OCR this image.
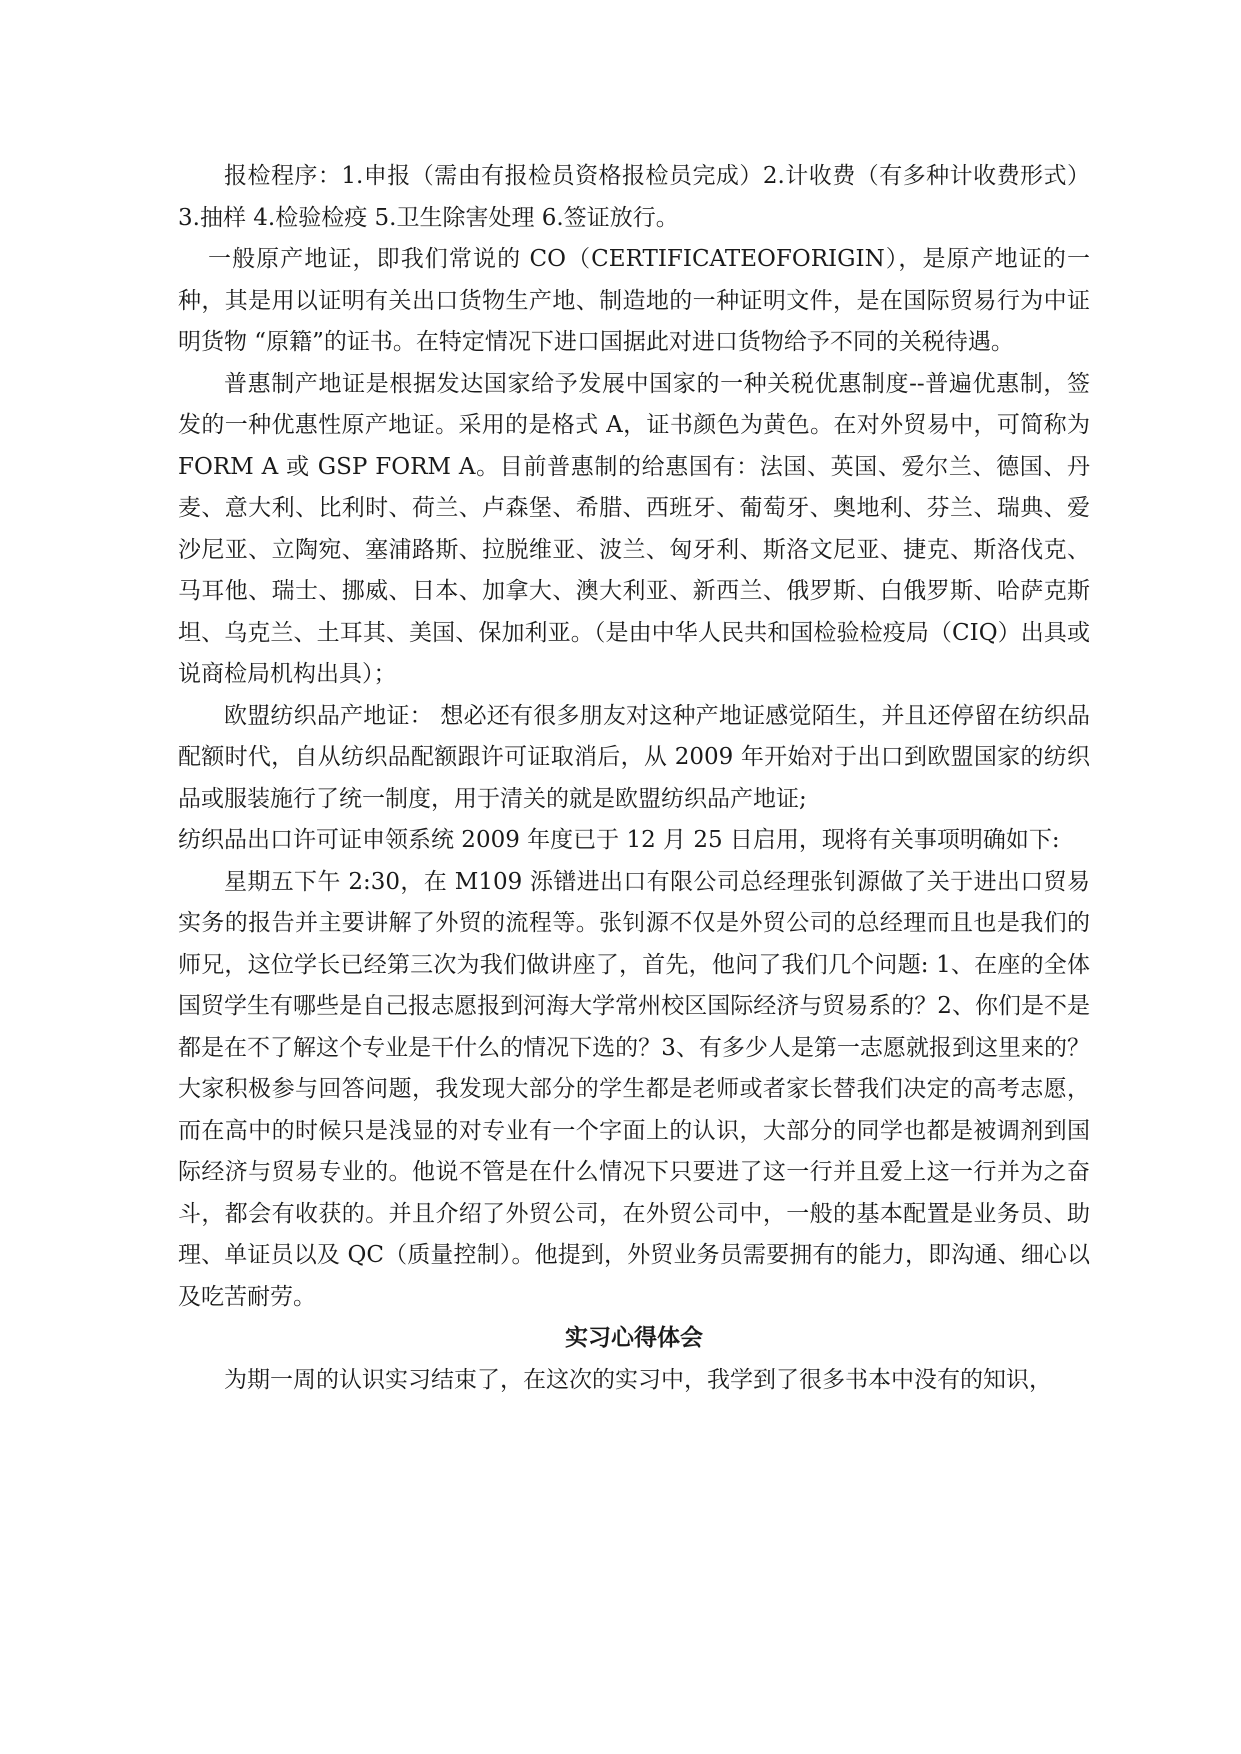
报检程序：1.申报（需由有报检员资格报检员完成）2.计收费（有多种计收费形式）3.抽样 4.检验检疫 5.卫生除害处理 6.签证放行。

一般原产地证，即我们常说的 CO（CERTIFICATEOFORIGIN），是原产地证的一种，其是用以证明有关出口货物生产地、制造地的一种证明文件，是在国际贸易行为中证明货物 “原籍”的证书。在特定情况下进口国据此对进口货物给予不同的关税待遇。

普惠制产地证是根据发达国家给予发展中国家的一种关税优惠制度--普遍优惠制，签发的一种优惠性原产地证。采用的是格式 A，证书颜色为黄色。在对外贸易中，可简称为 FORM A 或 GSP FORM A。目前普惠制的给惠国有：法国、英国、爱尔兰、德国、丹麦、意大利、比利时、荷兰、卢森堡、希腊、西班牙、葡萄牙、奥地利、芬兰、瑞典、爱沙尼亚、立陶宛、塞浦路斯、拉脱维亚、波兰、匈牙利、斯洛文尼亚、捷克、斯洛伐克、马耳他、瑞士、挪威、日本、加拿大、澳大利亚、新西兰、俄罗斯、白俄罗斯、哈萨克斯坦、乌克兰、土耳其、美国、保加利亚。（是由中华人民共和国检验检疫局（CIQ）出具或说商检局机构出具）；

欧盟纺织品产地证： 想必还有很多朋友对这种产地证感觉陌生，并且还停留在纺织品配额时代，自从纺织品配额跟许可证取消后，从 2009 年开始对于出口到欧盟国家的纺织品或服装施行了统一制度，用于清关的就是欧盟纺织品产地证;

纺织品出口许可证申领系统 2009 年度已于 12 月 25 日启用，现将有关事项明确如下:

星期五下午 2:30，在 M109 泺镨进出口有限公司总经理张钊源做了关于进出口贸易实务的报告并主要讲解了外贸的流程等。张钊源不仅是外贸公司的总经理而且也是我们的师兄，这位学长已经第三次为我们做讲座了，首先，他问了我们几个问题: 1、在座的全体国贸学生有哪些是自己报志愿报到河海大学常州校区国际经济与贸易系的？2、你们是不是都是在不了解这个专业是干什么的情况下选的？3、有多少人是第一志愿就报到这里来的？大家积极参与回答问题，我发现大部分的学生都是老师或者家长替我们决定的高考志愿，而在高中的时候只是浅显的对专业有一个字面上的认识，大部分的同学也都是被调剂到国际经济与贸易专业的。他说不管是在什么情况下只要进了这一行并且爱上这一行并为之奋斗，都会有收获的。并且介绍了外贸公司，在外贸公司中，一般的基本配置是业务员、助理、单证员以及 QC（质量控制）。他提到，外贸业务员需要拥有的能力，即沟通、细心以及吃苦耐劳。

实习心得体会

为期一周的认识实习结束了，在这次的实习中，我学到了很多书本中没有的知识，
